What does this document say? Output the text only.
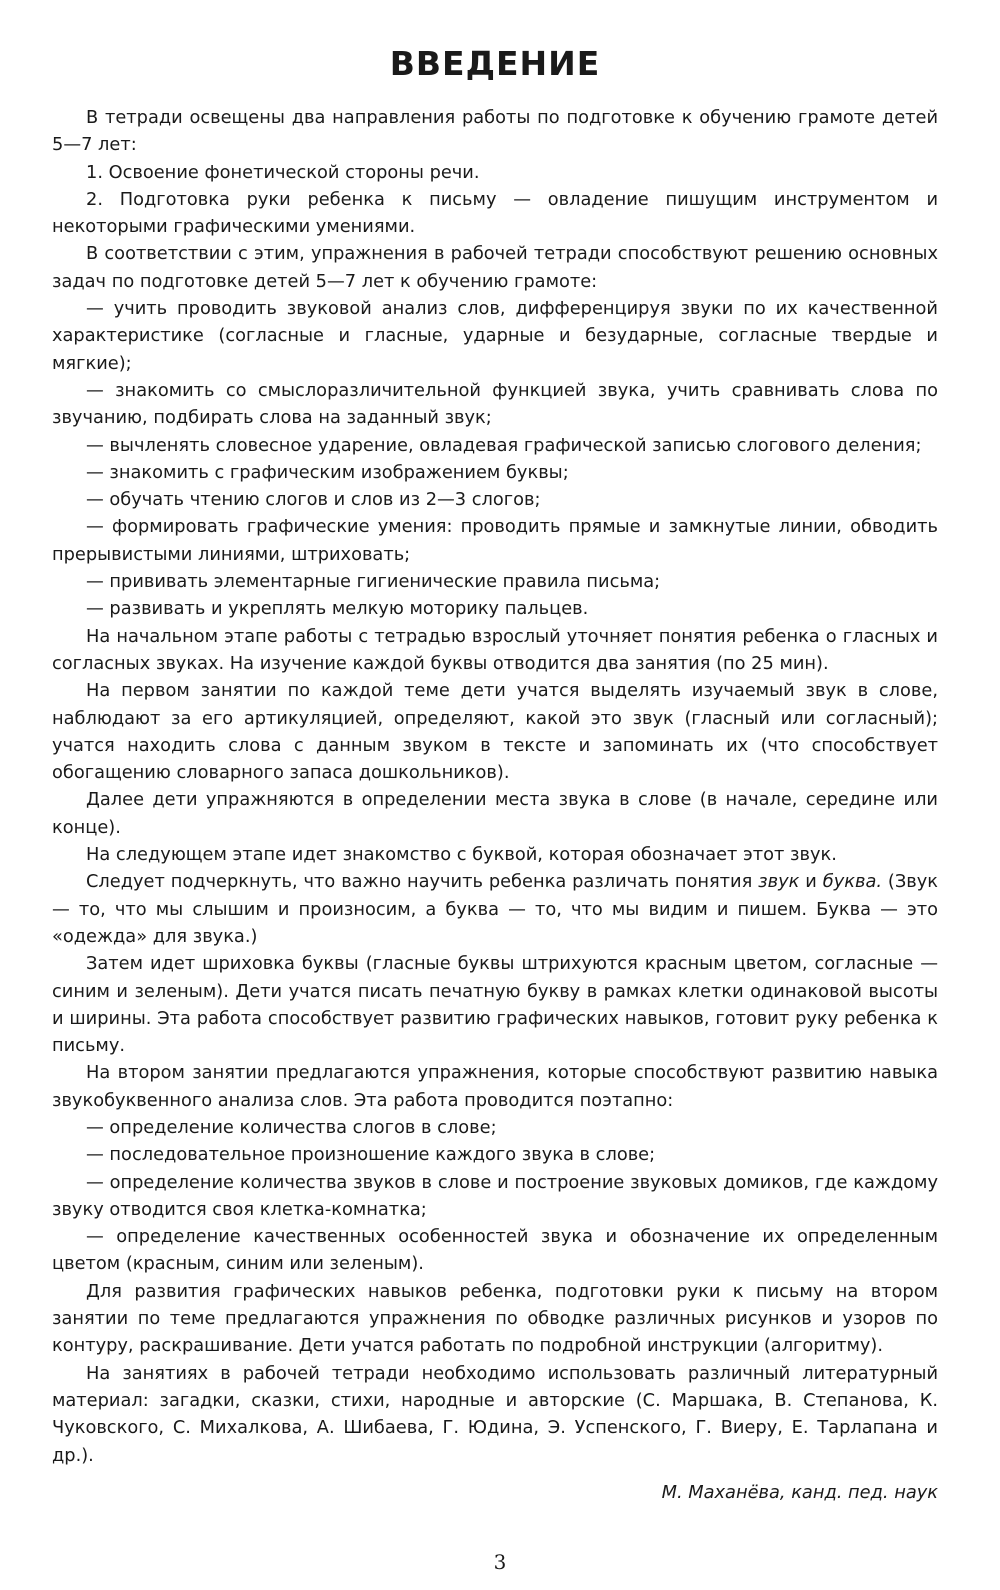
ВВЕДЕНИЕ

В тетради освещены два направления работы по подготовке к обучению грамоте детей 5—7 лет:

1. Освоение фонетической стороны речи.

2. Подготовка руки ребенка к письму — овладение пишущим инструментом и некоторыми графическими умениями.

В соответствии с этим, упражнения в рабочей тетради способствуют решению основных задач по подготовке детей 5—7 лет к обучению грамоте:

— учить проводить звуковой анализ слов, дифференцируя звуки по их качественной характеристике (согласные и гласные, ударные и безударные, согласные твердые и мягкие);

— знакомить со смыслоразличительной функцией звука, учить сравнивать слова по звучанию, подбирать слова на заданный звук;

— вычленять словесное ударение, овладевая графической записью слогового деления;

— знакомить с графическим изображением буквы;

— обучать чтению слогов и слов из 2—3 слогов;

— формировать графические умения: проводить прямые и замкнутые линии, обводить прерывистыми линиями, штриховать;

— прививать элементарные гигиенические правила письма;

— развивать и укреплять мелкую моторику пальцев.

На начальном этапе работы с тетрадью взрослый уточняет понятия ребенка о гласных и согласных звуках. На изучение каждой буквы отводится два занятия (по 25 мин).

На первом занятии по каждой теме дети учатся выделять изучаемый звук в слове, наблюдают за его артикуляцией, определяют, какой это звук (гласный или согласный); учатся находить слова с данным звуком в тексте и запоминать их (что способствует обогащению словарного запаса дошкольников).

Далее дети упражняются в определении места звука в слове (в начале, середине или конце).

На следующем этапе идет знакомство с буквой, которая обозначает этот звук.

Следует подчеркнуть, что важно научить ребенка различать понятия звук и буква. (Звук — то, что мы слышим и произносим, а буква — то, что мы видим и пишем. Буква — это «одежда» для звука.)

Затем идет шриховка буквы (гласные буквы штрихуются красным цветом, согласные — синим и зеленым). Дети учатся писать печатную букву в рамках клетки одинаковой высоты и ширины. Эта работа способствует развитию графических навыков, готовит руку ребенка к письму.

На втором занятии предлагаются упражнения, которые способствуют развитию навыка звукобуквенного анализа слов. Эта работа проводится поэтапно:

— определение количества слогов в слове;

— последовательное произношение каждого звука в слове;

— определение количества звуков в слове и построение звуковых домиков, где каждому звуку отводится своя клетка-комнатка;

— определение качественных особенностей звука и обозначение их определенным цветом (красным, синим или зеленым).

Для развития графических навыков ребенка, подготовки руки к письму на втором занятии по теме предлагаются упражнения по обводке различных рисунков и узоров по контуру, раскрашивание. Дети учатся работать по подробной инструкции (алгоритму).

На занятиях в рабочей тетради необходимо использовать различный литературный материал: загадки, сказки, стихи, народные и авторские (С. Маршака, В. Степанова, К. Чуковского, С. Михалкова, А. Шибаева, Г. Юдина, Э. Успенского, Г. Виеру, Е. Тарлапана и др.).

М. Маханёва, канд. пед. наук
3
